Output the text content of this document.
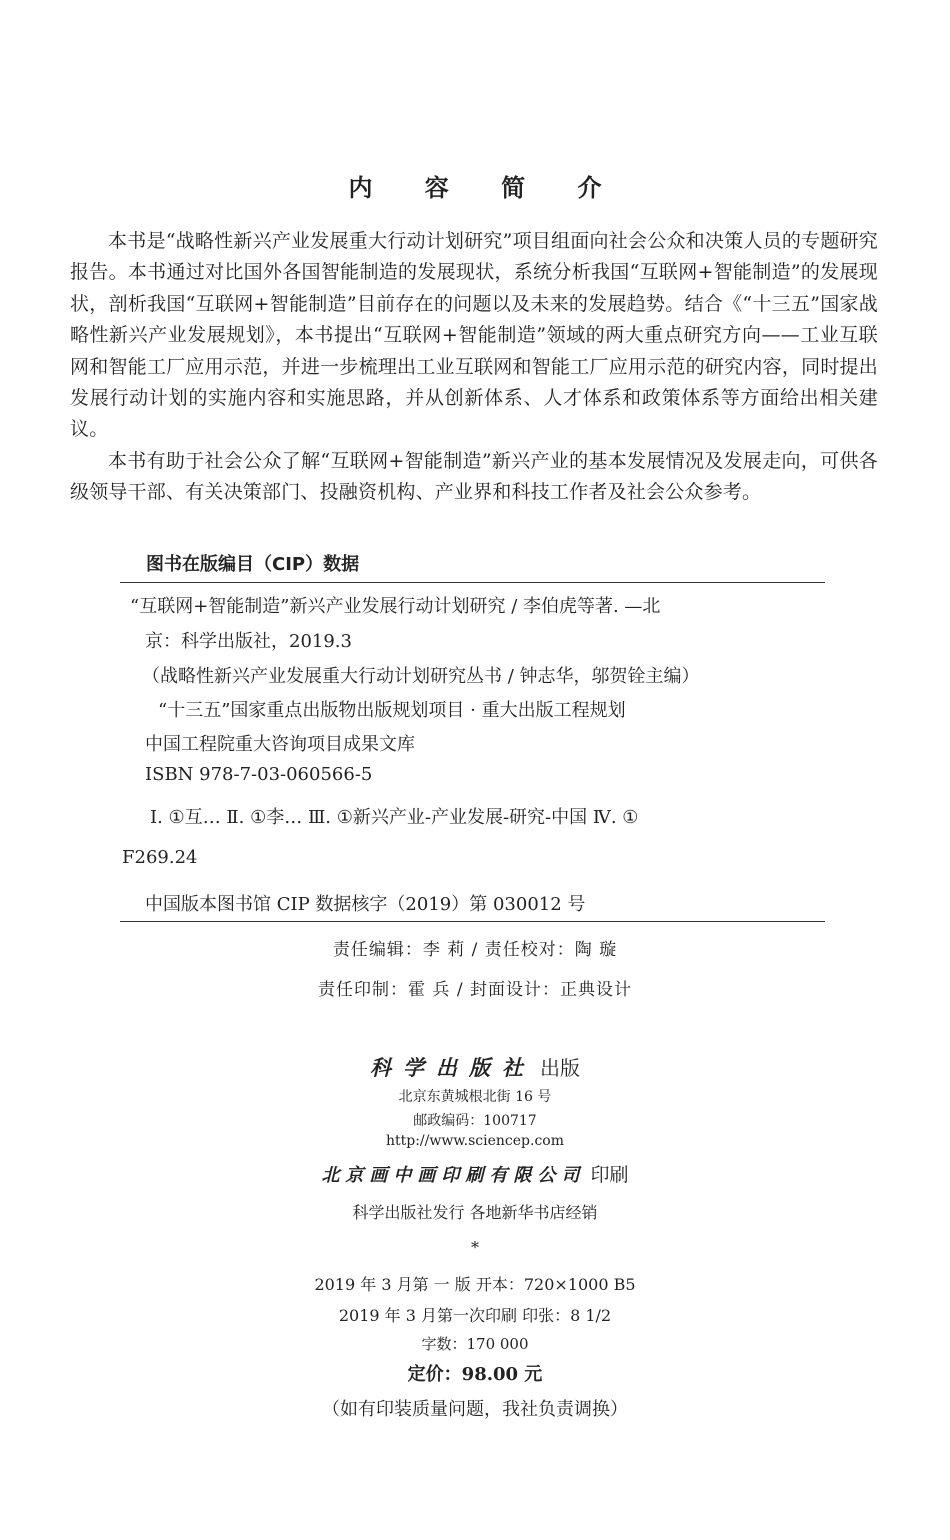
内 容 简 介

本书是“战略性新兴产业发展重大行动计划研究”项目组面向社会公众和决策人员的专题研究报告。本书通过对比国外各国智能制造的发展现状，系统分析我国“互联网+智能制造”的发展现状，剖析我国“互联网+智能制造”目前存在的问题以及未来的发展趋势。结合《“十三五”国家战略性新兴产业发展规划》，本书提出“互联网+智能制造”领域的两大重点研究方向——工业互联网和智能工厂应用示范，并进一步梳理出工业互联网和智能工厂应用示范的研究内容，同时提出发展行动计划的实施内容和实施思路，并从创新体系、人才体系和政策体系等方面给出相关建议。

本书有助于社会公众了解“互联网+智能制造”新兴产业的基本发展情况及发展走向，可供各级领导干部、有关决策部门、投融资机构、产业界和科技工作者及社会公众参考。

图书在版编目（CIP）数据
“互联网+智能制造”新兴产业发展行动计划研究 / 李伯虎等著. —北
京：科学出版社，2019.3
（战略性新兴产业发展重大行动计划研究丛书 / 钟志华，邬贺铨主编）
“十三五”国家重点出版物出版规划项目 · 重大出版工程规划
中国工程院重大咨询项目成果文库
ISBN 978-7-03-060566-5
Ⅰ. ①互… Ⅱ. ①李… Ⅲ. ①新兴产业-产业发展-研究-中国 Ⅳ. ①
F269.24
中国版本图书馆 CIP 数据核字（2019）第 030012 号
责任编辑：李 莉 / 责任校对：陶 璇
责任印制：霍 兵 / 封面设计：正典设计
科学出版社 出版
北京东黄城根北街 16 号
邮政编码：100717
http://www.sciencep.com
北京画中画印刷有限公司 印刷
科学出版社发行 各地新华书店经销
*
2019 年 3 月第 一 版 开本：720×1000 B5
2019 年 3 月第一次印刷 印张：8 1/2
字数：170 000
定价：98.00 元
（如有印装质量问题，我社负责调换）
